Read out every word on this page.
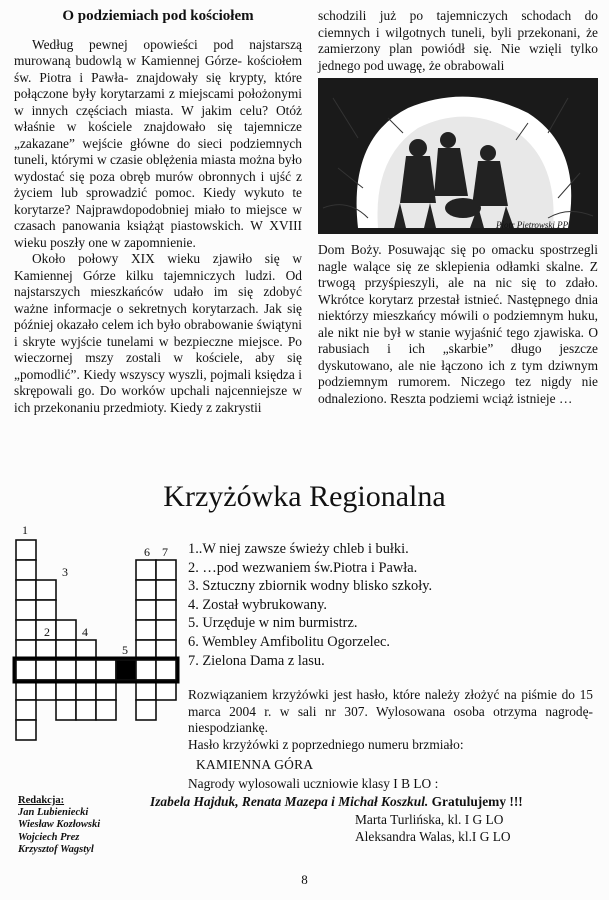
O podziemiach pod kościołem

Według pewnej opowieści pod najstarszą murowaną budowlą w Kamiennej Górze- kościołem św. Piotra i Pawła- znajdowały się krypty, które połączone były korytarzami z miejscami położonymi w innych częściach miasta. W jakim celu? Otóż właśnie w kościele znajdowało się tajemnicze „zakazane” wejście główne do sieci podziemnych tuneli, którymi w czasie oblężenia miasta można było wydostać się poza obręb murów obronnych i ujść z życiem lub sprowadzić pomoc. Kiedy wykuto te korytarze? Najprawdopodobniej miało to miejsce w czasach panowania książąt piastowskich. W XVIII wieku poszły one w zapomnienie.

Około połowy XIX wieku zjawiło się w Kamiennej Górze kilku tajemniczych ludzi. Od najstarszych mieszkańców udało im się zdobyć ważne informacje o sekretnych korytarzach. Jak się później okazało celem ich było obrabowanie świątyni i skryte wyjście tunelami w bezpieczne miejsce. Po wieczornej mszy zostali w kościele, aby się „pomodlić”. Kiedy wszyscy wyszli, pojmali księdza i skrępowali go. Do worków upchali najcenniejsze w ich przekonaniu przedmioty. Kiedy z zakrystii

schodzili już po tajemniczych schodach do ciemnych i wilgotnych tuneli, byli przekonani, że zamierzony plan powiódł się. Nie wzięli tylko jednego pod uwagę, że obrabowali

Piotr Pietrowski PP

Dom Boży. Posuwając się po omacku spostrzegli nagle walące się ze sklepienia odłamki skalne. Z trwogą przyśpieszyli, ale na nic się to zdało. Wkrótce korytarz przestał istnieć. Następnego dnia niektórzy mieszkańcy mówili o podziemnym huku, ale nikt nie był w stanie wyjaśnić tego zjawiska. O rabusiach i ich „skarbie” długo jeszcze dyskutowano, ale nie łączono ich z tym dziwnym podziemnym rumorem. Niczego tez nigdy nie odnaleziono. Reszta podziemi wciąż istnieje …

Krzyżówka Regionalna
1
2
3
4
5
6 7 1..W niej zawsze świeży chleb i bułki.
2. …pod wezwaniem św.Piotra i Pawła.
3. Sztuczny zbiornik wodny blisko szkoły.
4. Został wybrukowany.
5. Urzęduje w nim burmistrz.
6. Wembley Amfibolitu Ogorzelec.
7. Zielona Dama z lasu.
Rozwiązaniem krzyżówki jest hasło, które należy złożyć na piśmie do 15 marca 2004 r. w sali nr 307. Wylosowana osoba otrzyma nagrodę-niespodziankę.
Hasło krzyżówki z poprzedniego numeru brzmiało:
KAMIENNA GÓRA
Nagrody wylosowali uczniowie klasy I B LO :
Izabela Hajduk, Renata Mazepa i Michał Koszkul. Gratulujemy !!!
Marta Turlińska, kl. I G LO
Aleksandra Walas, kl.I G LO
Redakcja:
Jan Lubieniecki
Wiesław Kozłowski
Wojciech Prez
Krzysztof Wagstyl
8
